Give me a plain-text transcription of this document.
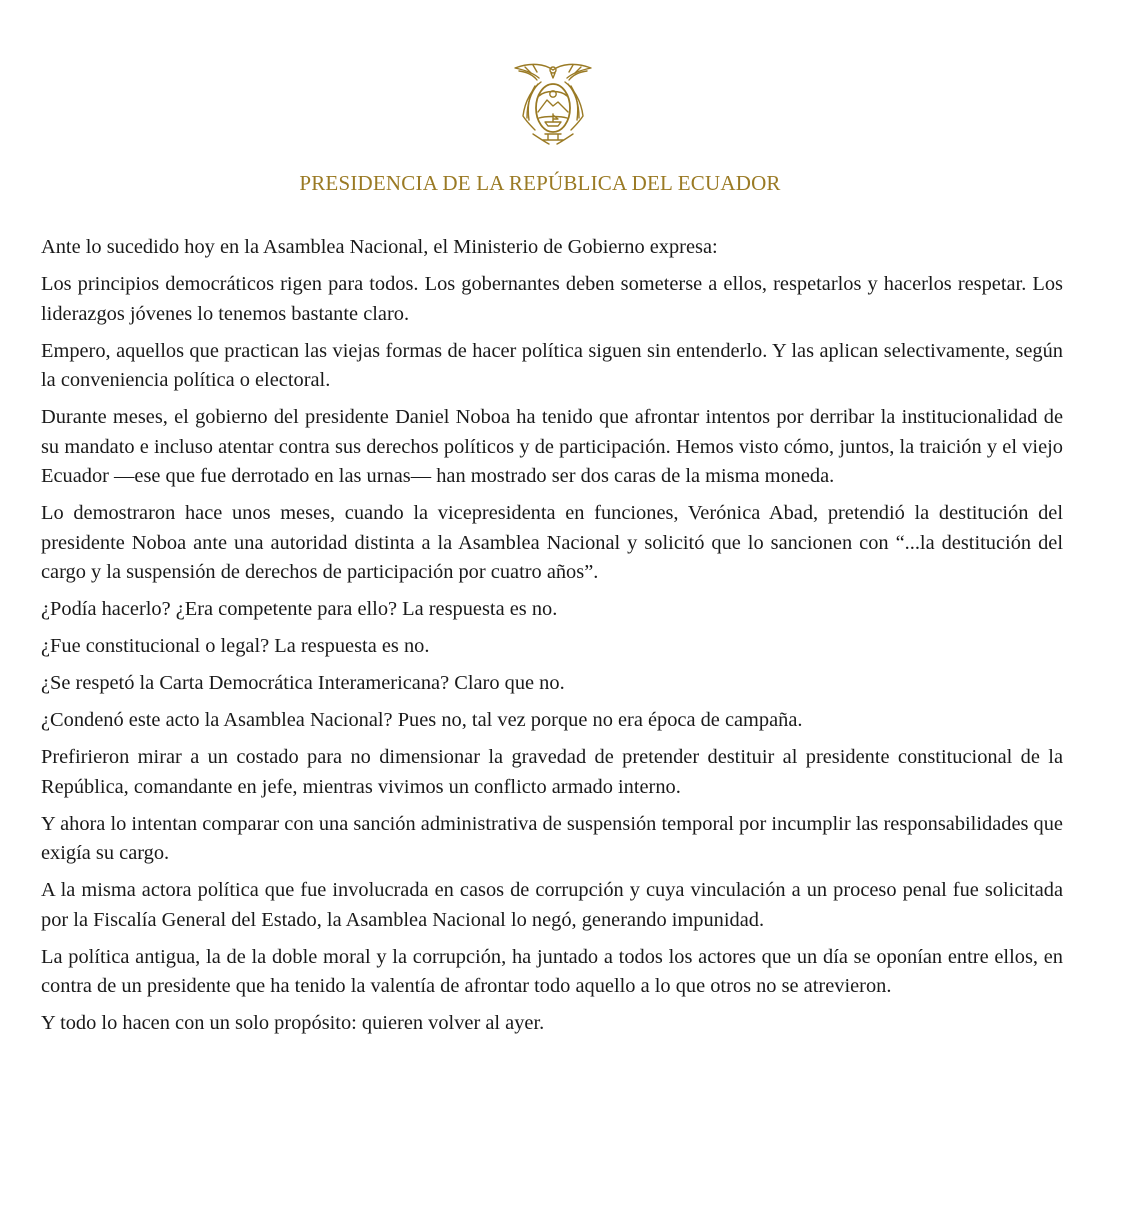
PRESIDENCIA DE LA REPÚBLICA DEL ECUADOR

Ante lo sucedido hoy en la Asamblea Nacional, el Ministerio de Gobierno expresa:

Los principios democráticos rigen para todos. Los gobernantes deben someterse a ellos, respetarlos y hacerlos respetar. Los liderazgos jóvenes lo tenemos bastante claro.

Empero, aquellos que practican las viejas formas de hacer política siguen sin entenderlo. Y las aplican selectivamente, según la conveniencia política o electoral.

Durante meses, el gobierno del presidente Daniel Noboa ha tenido que afrontar intentos por derribar la institucionalidad de su mandato e incluso atentar contra sus derechos políticos y de participación. Hemos visto cómo, juntos, la traición y el viejo Ecuador —ese que fue derrotado en las urnas— han mostrado ser dos caras de la misma moneda.

Lo demostraron hace unos meses, cuando la vicepresidenta en funciones, Verónica Abad, pretendió la destitución del presidente Noboa ante una autoridad distinta a la Asamblea Nacional y solicitó que lo sancionen con “...la destitución del cargo y la suspensión de derechos de participación por cuatro años”.

¿Podía hacerlo? ¿Era competente para ello? La respuesta es no.

¿Fue constitucional o legal? La respuesta es no.

¿Se respetó la Carta Democrática Interamericana? Claro que no.

¿Condenó este acto la Asamblea Nacional? Pues no, tal vez porque no era época de campaña.

Prefirieron mirar a un costado para no dimensionar la gravedad de pretender destituir al presidente constitucional de la República, comandante en jefe, mientras vivimos un conflicto armado interno.

Y ahora lo intentan comparar con una sanción administrativa de suspensión temporal por incumplir las responsabilidades que exigía su cargo.

A la misma actora política que fue involucrada en casos de corrupción y cuya vinculación a un proceso penal fue solicitada por la Fiscalía General del Estado, la Asamblea Nacional lo negó, generando impunidad.

La política antigua, la de la doble moral y la corrupción, ha juntado a todos los actores que un día se oponían entre ellos, en contra de un presidente que ha tenido la valentía de afrontar todo aquello a lo que otros no se atrevieron.

Y todo lo hacen con un solo propósito: quieren volver al ayer.
